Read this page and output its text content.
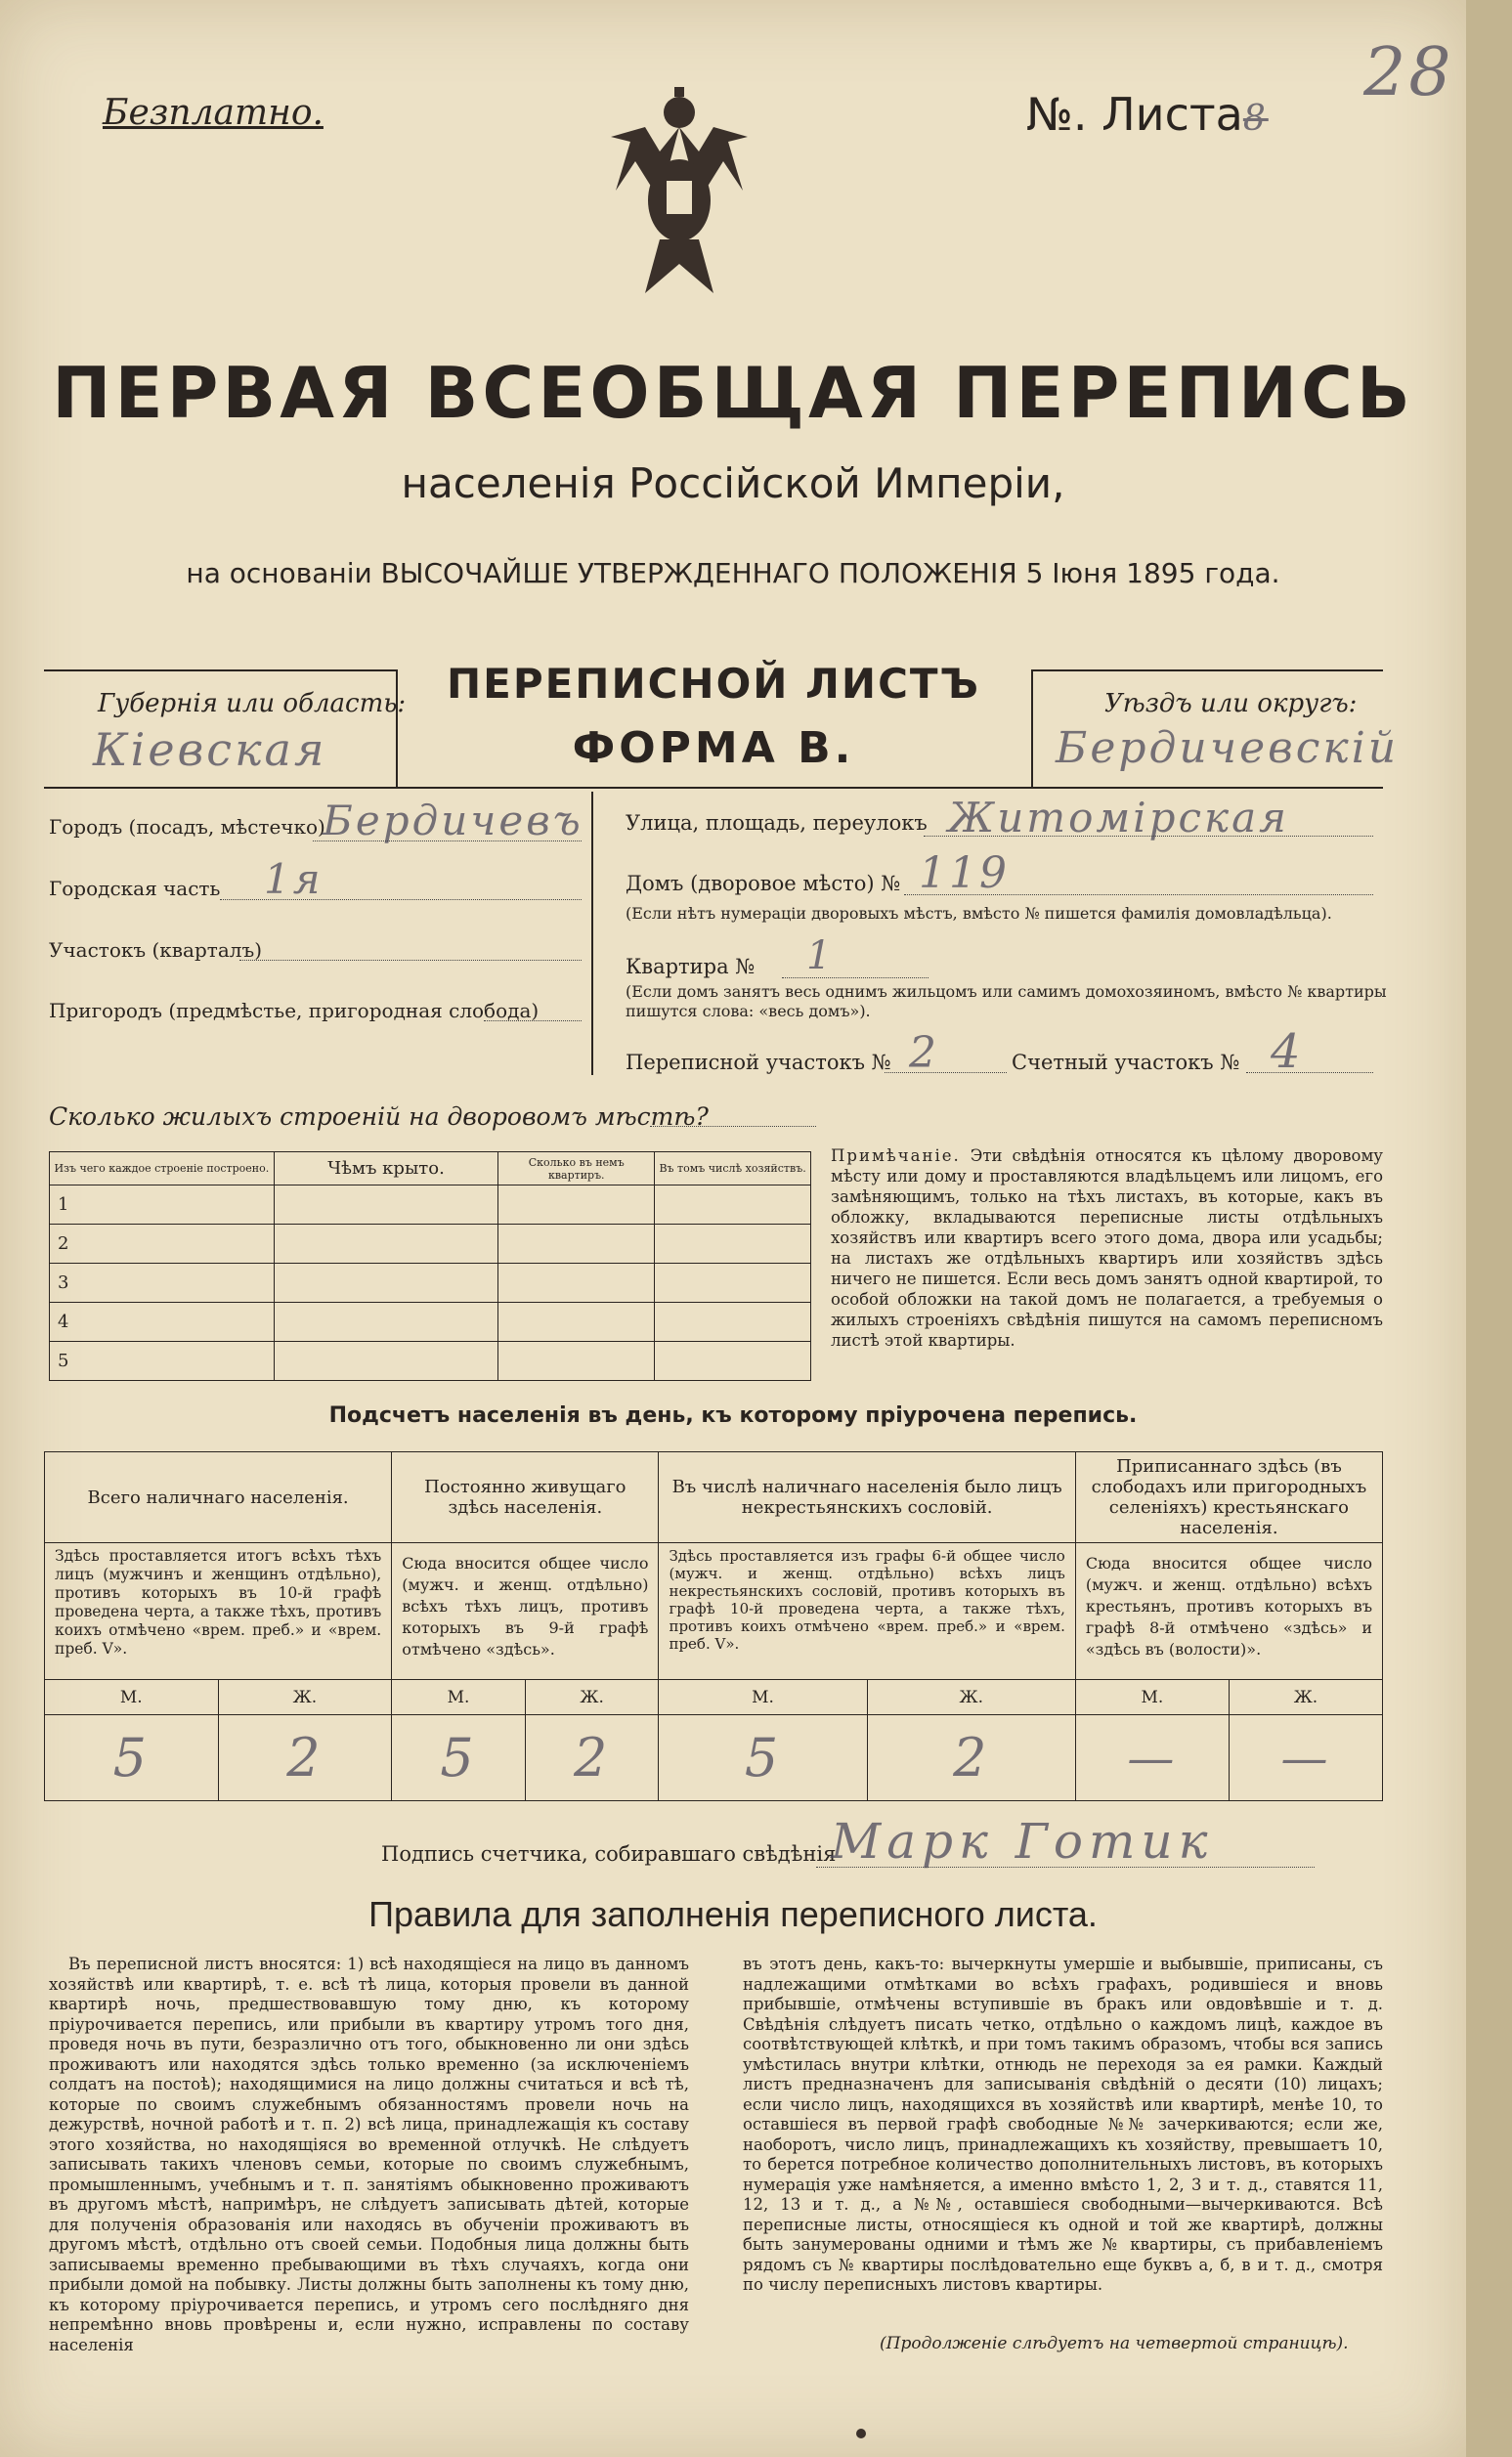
Безплатно.	№. Листа8
28
ПЕРВАЯ ВСЕОБЩАЯ ПЕРЕПИСЬ
населенія Россійской Имперіи,
на основаніи ВЫСОЧАЙШЕ УТВЕРЖДЕННАГО ПОЛОЖЕНІЯ 5 Іюня 1895 года.
Губернія или область:
Кіевская
ПЕРЕПИСНОЙ ЛИСТЪ
ФОРМА В.
Уѣздъ или округъ:
Бердичевскій
Городъ (посадъ, мѣстечко)
Бердичевъ
Городская часть 1я
Участокъ (кварталъ)
Пригородъ (предмѣстье, пригородная слобода)
Улица, площадь, переулокъ Житомірская
Домъ (дворовое мѣсто) № 119
(Если нѣтъ нумераціи дворовыхъ мѣстъ, вмѣсто № пишется фамилія домовладѣльца).
Квартира № 1
(Если домъ занятъ весь однимъ жильцомъ или самимъ домохозяиномъ, вмѣсто № квартиры пишутся слова: «весь домъ»).
Переписной участокъ № 2	Счетный участокъ № 4
Сколько жилыхъ строеній на дворовомъ мѣстѣ?
Изъ чего каждое строеніе построено.	Чѣмъ крыто.	Сколько въ немъ квартиръ.	Въ томъ числѣ хозяйствъ.
1			
2			
3			
4			
5			
Примѣчаніе. Эти свѣдѣнія относятся къ цѣлому дворовому мѣсту или дому и проставляются владѣльцемъ или лицомъ, его замѣняющимъ, только на тѣхъ листахъ, въ которые, какъ въ обложку, вкладываются переписные листы отдѣльныхъ хозяйствъ или квартиръ всего этого дома, двора или усадьбы; на листахъ же отдѣльныхъ квартиръ или хозяйствъ здѣсь ничего не пишется. Если весь домъ занятъ одной квартирой, то особой обложки на такой домъ не полагается, а требуемыя о жилыхъ строеніяхъ свѣдѣнія пишутся на самомъ переписномъ листѣ этой квартиры.
Подсчетъ населенія въ день, къ которому пріурочена перепись.
Всего наличнаго населенія.		Постоянно живущаго здѣсь населенія.		Въ числѣ наличнаго населенія было лицъ некрестьянскихъ сословій.		Приписаннаго здѣсь (въ слободахъ или пригородныхъ селеніяхъ) крестьянскаго населенія.	
Здѣсь проставляется итогъ всѣхъ тѣхъ лицъ (мужчинъ и женщинъ отдѣльно), противъ которыхъ въ 10-й графѣ проведена черта, а также тѣхъ, противъ коихъ отмѣчено «врем. преб.» и «врем. преб. V».		Сюда вносится общее число (мужч. и женщ. отдѣльно) всѣхъ тѣхъ лицъ, противъ которыхъ въ 9-й графѣ отмѣчено «здѣсь».		Здѣсь проставляется изъ графы 6-й общее число (мужч. и женщ. отдѣльно) всѣхъ лицъ некрестьянскихъ сословій, противъ которыхъ въ графѣ 10-й проведена черта, а также тѣхъ, противъ коихъ отмѣчено «врем. преб.» и «врем. преб. V».		Сюда вносится общее число (мужч. и женщ. отдѣльно) всѣхъ крестьянъ, противъ которыхъ въ графѣ 8-й отмѣчено «здѣсь» и «здѣсь въ (волости)».	
М.	Ж.	М.	Ж.	М.	Ж.	М.	Ж.
5	2	5	2	5	2	—	—
Подпись счетчика, собиравшаго свѣдѣнія
Марк Готик
Правила для заполненія переписного листа.
Въ переписной листъ вносятся: 1) всѣ находящіеся на лицо въ данномъ хозяйствѣ или квартирѣ, т. е. всѣ тѣ лица, которыя провели въ данной квартирѣ ночь, предшествовавшую тому дню, къ которому пріурочивается перепись, или прибыли въ квартиру утромъ того дня, проведя ночь въ пути, безразлично отъ того, обыкновенно ли они здѣсь проживаютъ или находятся здѣсь только временно (за исключеніемъ солдатъ на постоѣ); находящимися на лицо должны считаться и всѣ тѣ, которые по своимъ служебнымъ обязанностямъ провели ночь на дежурствѣ, ночной работѣ и т. п. 2) всѣ лица, принадлежащія къ составу этого хозяйства, но находящіяся во временной отлучкѣ. Не слѣдуетъ записывать такихъ членовъ семьи, которые по своимъ служебнымъ, промышленнымъ, учебнымъ и т. п. занятіямъ обыкновенно проживаютъ въ другомъ мѣстѣ, напримѣръ, не слѣдуетъ записывать дѣтей, которые для полученія образованія или находясь въ обученіи проживаютъ въ другомъ мѣстѣ, отдѣльно отъ своей семьи. Подобныя лица должны быть записываемы временно пребывающими въ тѣхъ случаяхъ, когда они прибыли домой на побывку. Листы должны быть заполнены къ тому дню, къ которому пріурочивается перепись, и утромъ сего послѣдняго дня непремѣнно вновь провѣрены и, если нужно, исправлены по составу населенія
въ этотъ день, какъ-то: вычеркнуты умершіе и выбывшіе, приписаны, съ надлежащими отмѣтками во всѣхъ графахъ, родившіеся и вновь прибывшіе, отмѣчены вступившіе въ бракъ или овдовѣвшіе и т. д. Свѣдѣнія слѣдуетъ писать четко, отдѣльно о каждомъ лицѣ, каждое въ соотвѣтствующей клѣткѣ, и при томъ такимъ образомъ, чтобы вся запись умѣстилась внутри клѣтки, отнюдь не переходя за ея рамки. Каждый листъ предназначенъ для записыванія свѣдѣній о десяти (10) лицахъ; если число лицъ, находящихся въ хозяйствѣ или квартирѣ, менѣе 10, то оставшіеся въ первой графѣ свободные №№ зачеркиваются; если же, наоборотъ, число лицъ, принадлежащихъ къ хозяйству, превышаетъ 10, то берется потребное количество дополнительныхъ листовъ, въ которыхъ нумерація уже намѣняется, а именно вмѣсто 1, 2, 3 и т. д., ставятся 11, 12, 13 и т. д., а №№, оставшіеся свободными—вычеркиваются. Всѣ переписные листы, относящіеся къ одной и той же квартирѣ, должны быть занумерованы одними и тѣмъ же № квартиры, съ прибавленіемъ рядомъ съ № квартиры послѣдовательно еще буквъ а, б, в и т. д., смотря по числу переписныхъ листовъ квартиры.
(Продолженіе слѣдуетъ на четвертой страницѣ).
